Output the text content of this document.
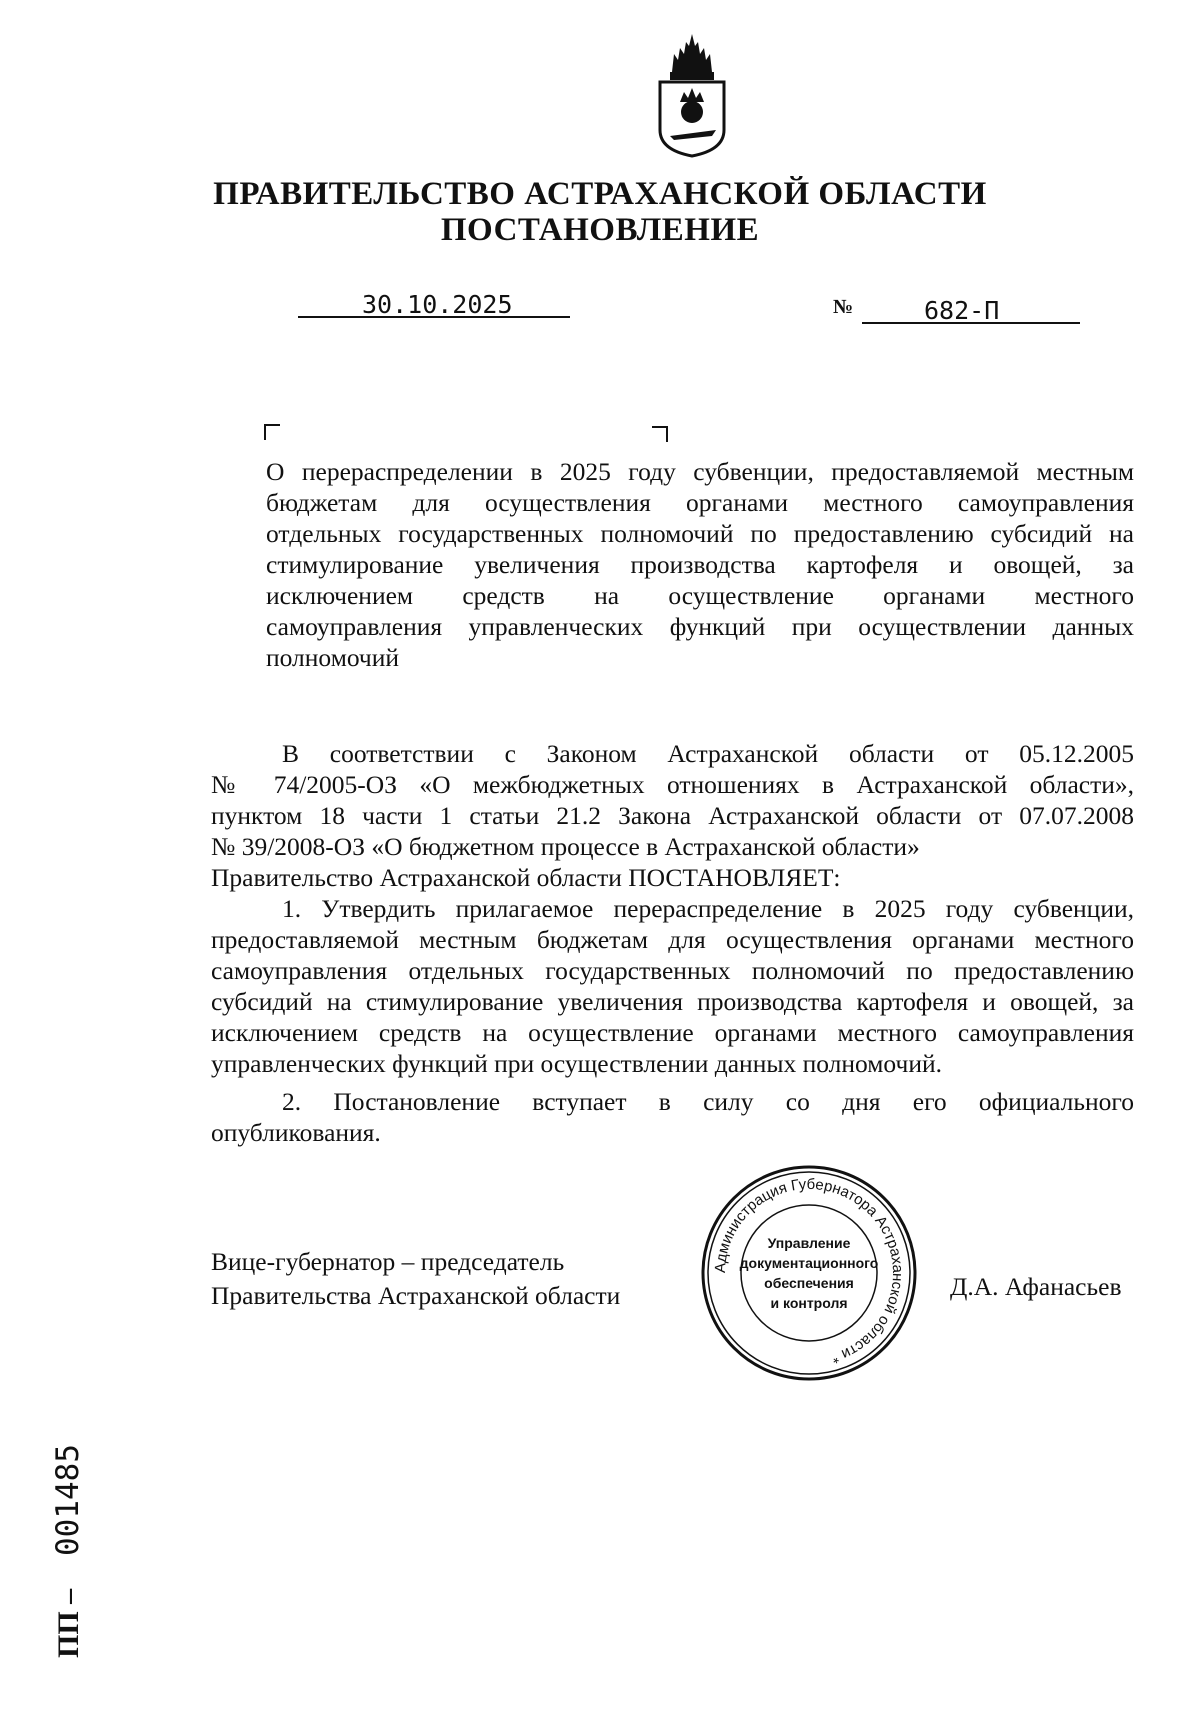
ПРАВИТЕЛЬСТВО АСТРАХАНСКОЙ ОБЛАСТИ
ПОСТАНОВЛЕНИЕ
30.10.2025	№	682-П
О перераспределении в 2025 году субвенции, предоставляемой местным
бюджетам для осуществления органами местного самоуправления
отдельных государственных полномочий по предоставлению субсидий на
стимулирование увеличения производства картофеля и овощей, за
исключением средств на осуществление органами местного
самоуправления управленческих функций при осуществлении данных
полномочий
В соответствии с Законом Астраханской области от 05.12.2005
№ 74/2005-ОЗ «О межбюджетных отношениях в Астраханской области»,
пунктом 18 части 1 статьи 21.2 Закона Астраханской области от 07.07.2008
№ 39/2008-ОЗ «О бюджетном процессе в Астраханской области»
Правительство Астраханской области ПОСТАНОВЛЯЕТ:
1. Утвердить прилагаемое перераспределение в 2025 году субвенции,
предоставляемой местным бюджетам для осуществления органами местного
самоуправления отдельных государственных полномочий по предоставлению
субсидий на стимулирование увеличения производства картофеля и овощей, за
исключением средств на осуществление органами местного самоуправления
управленческих функций при осуществлении данных полномочий.
2. Постановление вступает в силу со дня его официального
опубликования.
Вице-губернатор – председатель
Правительства Астраханской области	Д.А. Афанасьев
Администрация Губернатора Астраханской области *
Управление
документационного
обеспечения
и контроля
ПП –
001485
